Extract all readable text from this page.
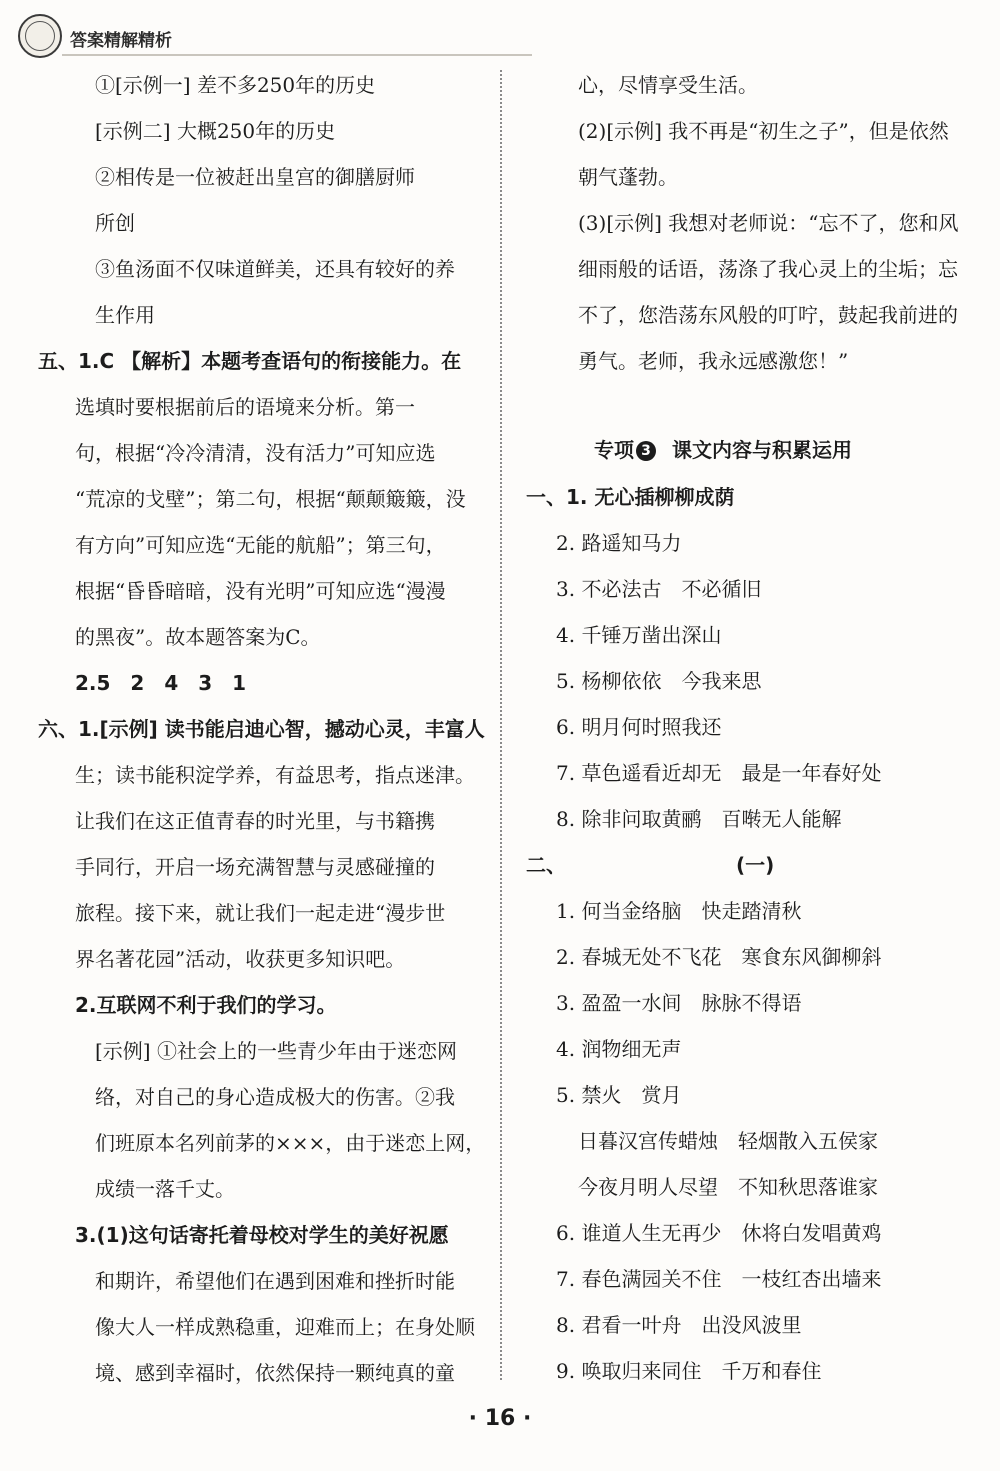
答案精解精析
①[示例一] 差不多250年的历史
[示例二] 大概250年的历史
②相传是一位被赶出皇宫的御膳厨师
所创
③鱼汤面不仅味道鲜美，还具有较好的养
生作用
五、1.C 【解析】本题考查语句的衔接能力。在
选填时要根据前后的语境来分析。第一
句，根据“冷冷清清，没有活力”可知应选
“荒凉的戈壁”；第二句，根据“颠颠簸簸，没
有方向”可知应选“无能的航船”；第三句，
根据“昏昏暗暗，没有光明”可知应选“漫漫
的黑夜”。故本题答案为C。
2.5　2　4　3　1
六、1.[示例] 读书能启迪心智，撼动心灵，丰富人
生；读书能积淀学养，有益思考，指点迷津。
让我们在这正值青春的时光里，与书籍携
手同行，开启一场充满智慧与灵感碰撞的
旅程。接下来，就让我们一起走进“漫步世
界名著花园”活动，收获更多知识吧。
2.互联网不利于我们的学习。
[示例] ①社会上的一些青少年由于迷恋网
络，对自己的身心造成极大的伤害。②我
们班原本名列前茅的×××，由于迷恋上网，
成绩一落千丈。
3.(1)这句话寄托着母校对学生的美好祝愿
和期许，希望他们在遇到困难和挫折时能
像大人一样成熟稳重，迎难而上；在身处顺
境、感到幸福时，依然保持一颗纯真的童
心，尽情享受生活。
(2)[示例] 我不再是“初生之子”，但是依然
朝气蓬勃。
(3)[示例] 我想对老师说：“忘不了，您和风
细雨般的话语，荡涤了我心灵上的尘垢；忘
不了，您浩荡东风般的叮咛，鼓起我前进的
勇气。老师，我永远感激您！”
专项 3 课文内容与积累运用
一、1. 无心插柳柳成荫
2. 路遥知马力
3. 不必法古　不必循旧
4. 千锤万凿出深山
5. 杨柳依依　今我来思
6. 明月何时照我还
7. 草色遥看近却无　最是一年春好处
8. 除非问取黄鹂　百啭无人能解
二、	(一)
1. 何当金络脑　快走踏清秋
2. 春城无处不飞花　寒食东风御柳斜
3. 盈盈一水间　脉脉不得语
4. 润物细无声
5. 禁火　赏月
日暮汉宫传蜡烛　轻烟散入五侯家
今夜月明人尽望　不知秋思落谁家
6. 谁道人生无再少　休将白发唱黄鸡
7. 春色满园关不住　一枝红杏出墙来
8. 君看一叶舟　出没风波里
9. 唤取归来同住　千万和春住
· 16 ·
